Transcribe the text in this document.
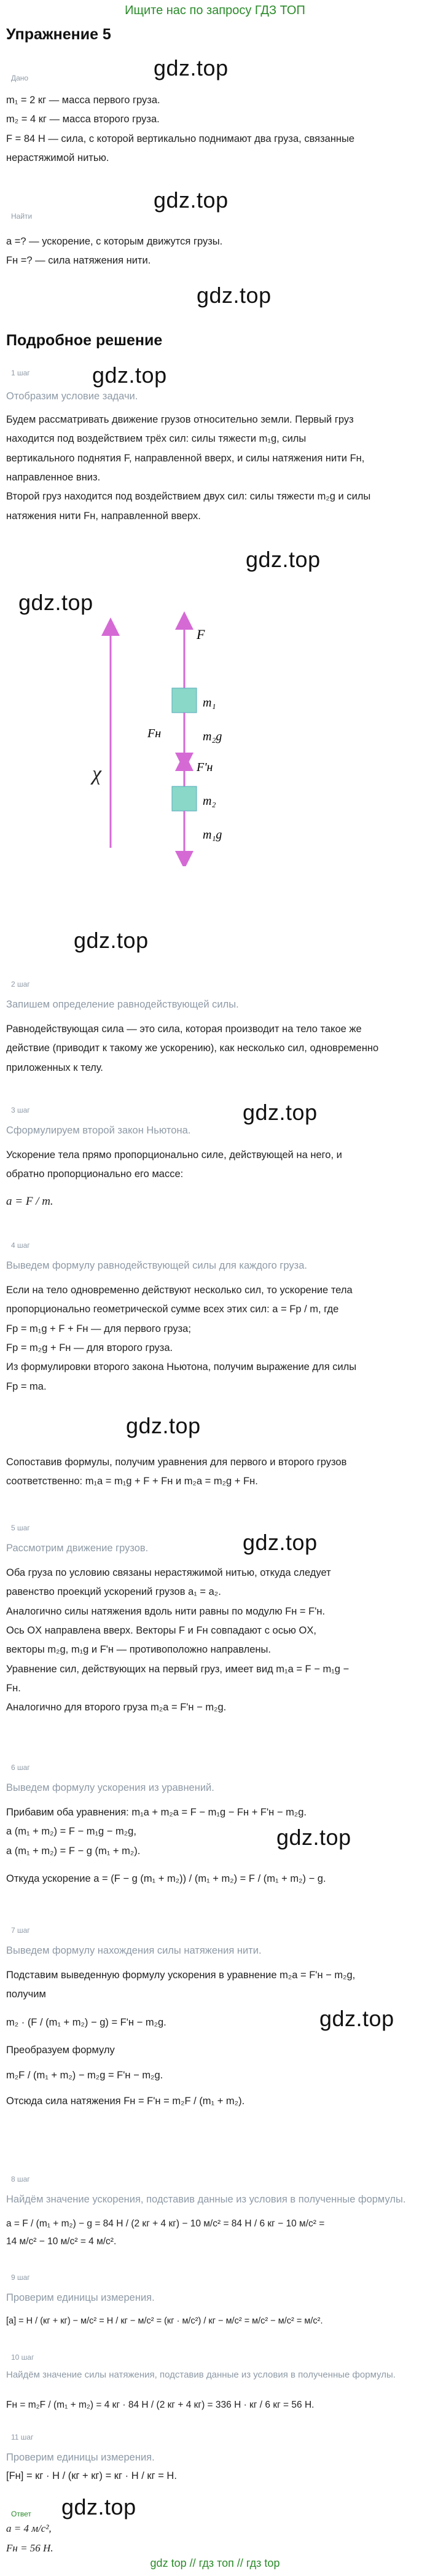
Ищите нас по запросу ГДЗ ТОП
Упражнение 5
Дано	gdz.top
m₁ = 2 кг — масса первого груза.
m₂ = 4 кг — масса второго груза.
F = 84 H — сила, с которой вертикально поднимают два груза, связанные
нерастяжимой нитью.
Найти
gdz.top
a =? — ускорение, с которым движутся грузы.
Fн =? — сила натяжения нити.
gdz.top
Подробное решение
1 шаг	gdz.top
Отобразим условие задачи.
Будем рассматривать движение грузов относительно земли. Первый груз
находится под воздействием трёх сил: силы тяжести m₁g, силы
вертикального поднятия F, направленной вверх, и силы натяжения нити Fн,
направленное вниз.
Второй груз находится под воздействием двух сил: силы тяжести m₂g и силы
натяжения нити Fн, направленной вверх.
gdz.top
gdz.top
χ
F
m₁
Fн	m₂g
F'н
m₂
m₁g
gdz.top
2 шаг
Запишем определение равнодействующей силы.
Равнодействующая сила — это сила, которая производит на тело такое же
действие (приводит к такому же ускорению), как несколько сил, одновременно
приложенных к телу.
3 шаг	gdz.top
Сформулируем второй закон Ньютона.
Ускорение тела прямо пропорционально силе, действующей на него, и
обратно пропорционально его массе:
a = F / m.
4 шаг
Выведем формулу равнодействующей силы для каждого груза.
Если на тело одновременно действуют несколько сил, то ускорение тела
пропорционально геометрической сумме всех этих сил: a = Fp / m, где
Fp = m₁g + F + Fн — для первого груза;
Fp = m₂g + Fн — для второго груза.
Из формулировки второго закона Ньютона, получим выражение для силы
Fp = ma.
gdz.top
Сопоставив формулы, получим уравнения для первого и второго грузов
соответственно: m₁a = m₁g + F + Fн и m₂a = m₂g + Fн.
5 шаг
Рассмотрим движение грузов.	gdz.top
Оба груза по условию связаны нерастяжимой нитью, откуда следует
равенство проекций ускорений грузов a₁ = a₂.
Аналогично силы натяжения вдоль нити равны по модулю Fн = F'н.
Ось OX направлена вверх. Векторы F и Fн совпадают с осью OX,
векторы m₂g, m₁g и F'н — противоположно направлены.
Уравнение сил, действующих на первый груз, имеет вид m₁a = F − m₁g −
Fн.
Аналогично для второго груза m₂a = F'н − m₂g.
6 шаг
Выведем формулу ускорения из уравнений.
Прибавим оба уравнения: m₁a + m₂a = F − m₁g − Fн + F'н − m₂g.
a (m₁ + m₂) = F − m₁g − m₂g,
a (m₁ + m₂) = F − g (m₁ + m₂).
Откуда ускорение a = (F − g (m₁ + m₂)) / (m₁ + m₂) = F / (m₁ + m₂) − g.
gdz.top
7 шаг
Выведем формулу нахождения силы натяжения нити.
Подставим выведенную формулу ускорения в уравнение m₂a = F'н − m₂g,
получим
m₂ · (F / (m₁ + m₂) − g) = F'н − m₂g.
Преобразуем формулу
m₂F / (m₁ + m₂) − m₂g = F'н − m₂g.
Отсюда сила натяжения Fн = F'н = m₂F / (m₁ + m₂).
gdz.top
8 шаг
Найдём значение ускорения, подставив данные из условия в полученные формулы.
a = F / (m₁ + m₂) − g = 84 H / (2 кг + 4 кг) − 10 м/с² = 84 H / 6 кг − 10 м/с² =
14 м/с² − 10 м/с² = 4 м/с².
9 шаг
Проверим единицы измерения.
[a] = H / (кг + кг) − м/с² = H / кг − м/с² = (кг · м/с²) / кг − м/с² = м/с² − м/с² = м/с².
10 шаг
Найдём значение силы натяжения, подставив данные из условия в полученные формулы.
Fн = m₂F / (m₁ + m₂) = 4 кг · 84 H / (2 кг + 4 кг) = 336 H · кг / 6 кг = 56 H.
11 шаг
Проверим единицы измерения.
[Fн] = кг · H / (кг + кг) = кг · H / кг = H.
gdz.top
Ответ
a = 4 м/с²,
Fн = 56 H.
gdz top // гдз топ // гдз top
